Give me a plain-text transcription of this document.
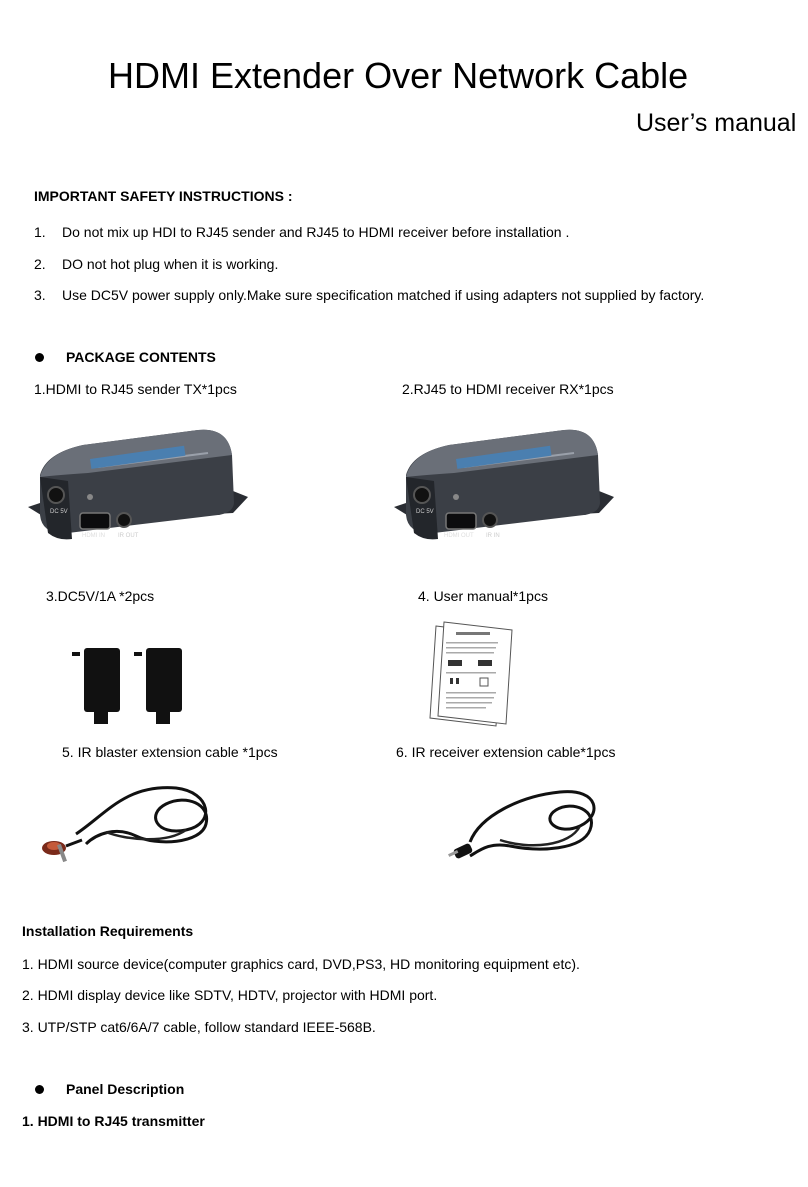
HDMI Extender Over Network Cable
User’s manual
IMPORTANT SAFETY INSTRUCTIONS :
1. Do not mix up HDI to RJ45 sender and RJ45 to HDMI receiver before installation .
2. DO not hot plug when it is working.
3. Use DC5V power supply only.Make sure specification matched if using adapters not supplied by factory.
PACKAGE CONTENTS
1.HDMI to RJ45 sender TX*1pcs	2.RJ45 to HDMI receiver RX*1pcs
DC 5V
HDMI IN IR OUT
DC 5V
HDMI OUT IR IN
3.DC5V/1A *2pcs	4. User manual*1pcs
5. IR blaster extension cable *1pcs	6. IR receiver extension cable*1pcs
Installation Requirements
1. HDMI source device(computer graphics card, DVD,PS3, HD monitoring equipment etc).
2. HDMI display device like SDTV, HDTV, projector with HDMI port.
3. UTP/STP cat6/6A/7 cable, follow standard IEEE-568B.
Panel Description
1. HDMI to RJ45 transmitter
